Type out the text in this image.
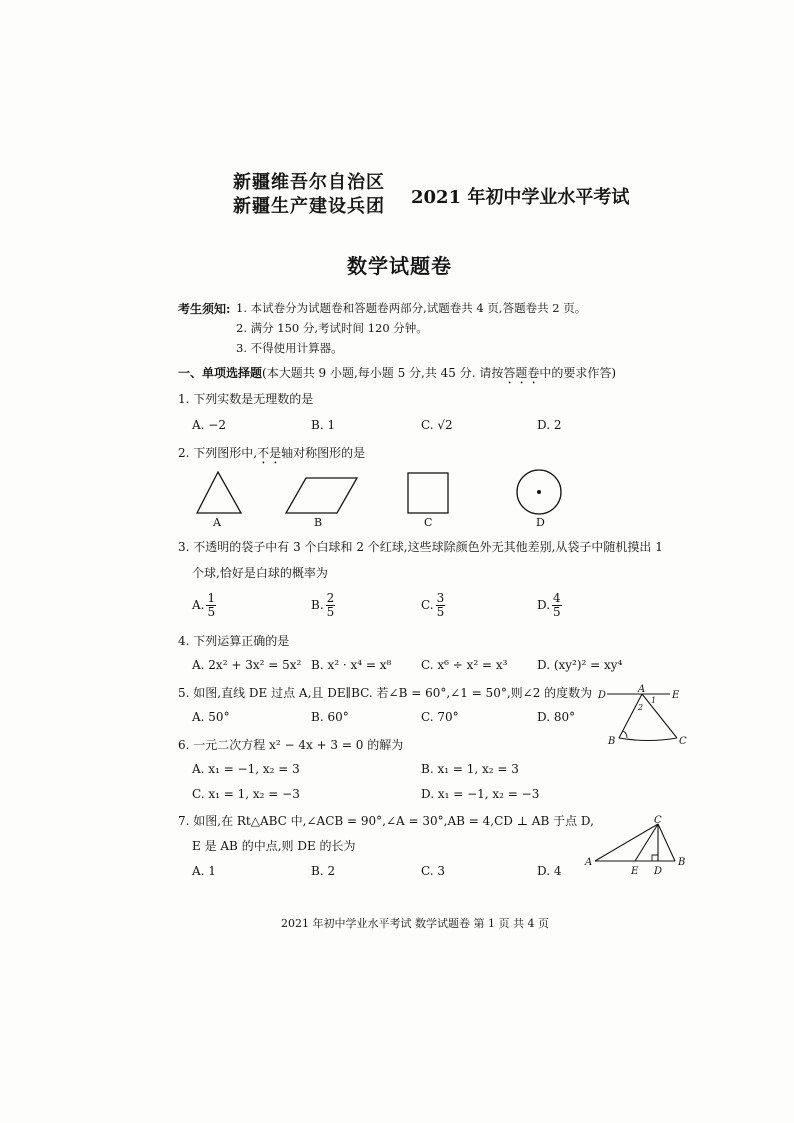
新疆维吾尔自治区
新疆生产建设兵团 2021 年初中学业水平考试
数学试题卷
考生须知: 1. 本试卷分为试题卷和答题卷两部分,试题卷共 4 页,答题卷共 2 页。
2. 满分 150 分,考试时间 120 分钟。
3. 不得使用计算器。
一、单项选择题(本大题共 9 小题,每小题 5 分,共 45 分. 请按答题卷中的要求作答)
1. 下列实数是无理数的是
A. −2	B. 1	C. √2	D. 2
2. 下列图形中,不是轴对称图形的是
A	B	C	D
3. 不透明的袋子中有 3 个白球和 2 个红球,这些球除颜色外无其他差别,从袋子中随机摸出 1
个球,恰好是白球的概率为
A. $\frac{1}{5}$	B. $\frac{2}{5}$	C. $\frac{3}{5}$	D. $\frac{4}{5}$
4. 下列运算正确的是
A. 2x² + 3x² = 5x² B. x² · x⁴ = x⁸ C. x⁶ ÷ x² = x³ D. (xy²)² = xy⁴
5. 如图,直线 DE 过点 A,且 DE∥BC. 若∠B = 60°,∠1 = 50°,则∠2 的度数为
A. 50°	B. 60°	C. 70°	D. 80°
D
A
E
1
2
B	C
6. 一元二次方程 x² − 4x + 3 = 0 的解为
A. x₁ = −1, x₂ = 3	B. x₁ = 1, x₂ = 3
C. x₁ = 1, x₂ = −3	D. x₁ = −1, x₂ = −3
7. 如图,在 Rt△ABC 中,∠ACB = 90°,∠A = 30°,AB = 4,CD ⊥ AB 于点 D,
E 是 AB 的中点,则 DE 的长为
A. 1	B. 2	C. 3	D. 4
C
A
E D
B
2021 年初中学业水平考试 数学试题卷 第 1 页 共 4 页
